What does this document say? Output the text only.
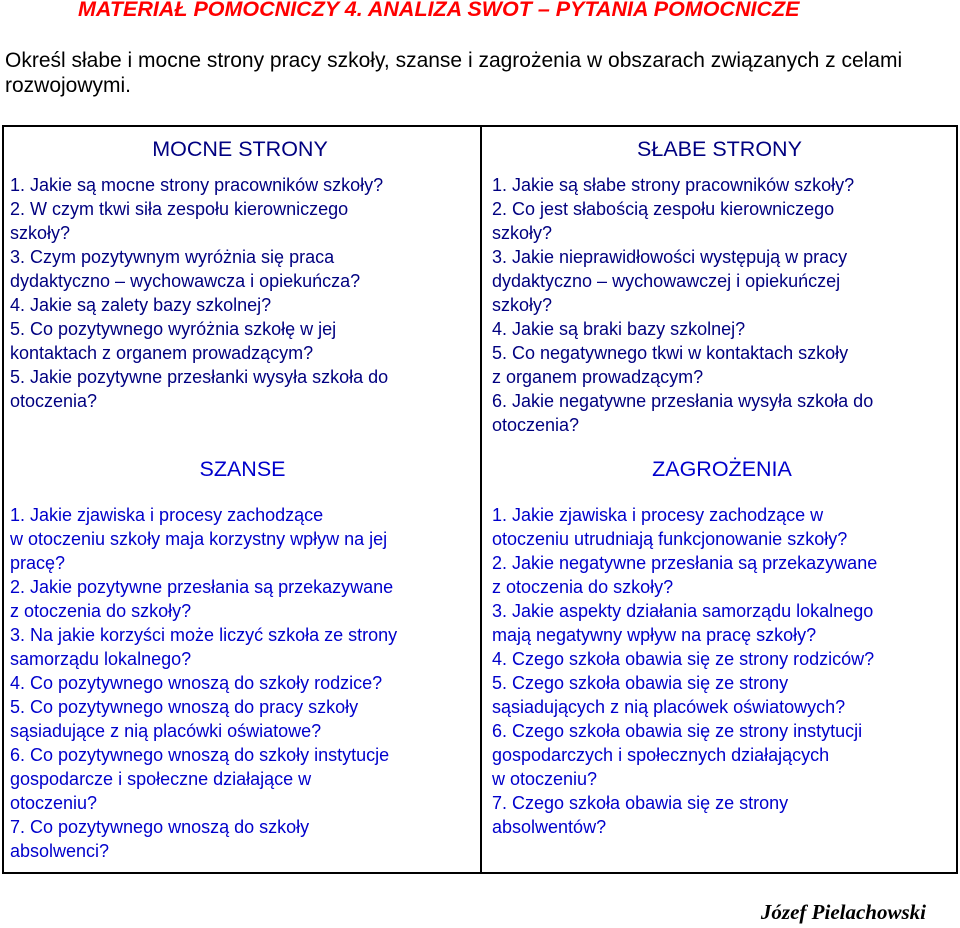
MATERIAŁ POMOCNICZY 4. ANALIZA SWOT – PYTANIA POMOCNICZE
Określ słabe i mocne strony pracy szkoły, szanse i zagrożenia w obszarach związanych z celami rozwojowymi.
MOCNE STRONY
1. Jakie są mocne strony pracowników szkoły?
2. W czym tkwi siła zespołu kierowniczego
szkoły?
3. Czym pozytywnym wyróżnia się praca
dydaktyczno – wychowawcza i opiekuńcza?
4. Jakie są zalety bazy szkolnej?
5. Co pozytywnego wyróżnia szkołę w jej
kontaktach z organem prowadzącym?
5. Jakie pozytywne przesłanki wysyła szkoła do
otoczenia?
SŁABE STRONY
1. Jakie są słabe strony pracowników szkoły?
2. Co jest słabością zespołu kierowniczego
szkoły?
3. Jakie nieprawidłowości występują w pracy
dydaktyczno – wychowawczej i opiekuńczej
szkoły?
4. Jakie są braki bazy szkolnej?
5. Co negatywnego tkwi w kontaktach szkoły
z organem prowadzącym?
6. Jakie negatywne przesłania wysyła szkoła do
otoczenia?
SZANSE
1. Jakie zjawiska i procesy zachodzące
w otoczeniu szkoły maja korzystny wpływ na jej
pracę?
2. Jakie pozytywne przesłania są przekazywane
z otoczenia do szkoły?
3. Na jakie korzyści może liczyć szkoła ze strony
samorządu lokalnego?
4. Co pozytywnego wnoszą do szkoły rodzice?
5. Co pozytywnego wnoszą do pracy szkoły
sąsiadujące z nią placówki oświatowe?
6. Co pozytywnego wnoszą do szkoły instytucje
gospodarcze i społeczne działające w
otoczeniu?
7. Co pozytywnego wnoszą do szkoły
absolwenci?
ZAGROŻENIA
1. Jakie zjawiska i procesy zachodzące w
otoczeniu utrudniają funkcjonowanie szkoły?
2. Jakie negatywne przesłania są przekazywane
z otoczenia do szkoły?
3. Jakie aspekty działania samorządu lokalnego
mają negatywny wpływ na pracę szkoły?
4. Czego szkoła obawia się ze strony rodziców?
5. Czego szkoła obawia się ze strony
sąsiadujących z nią placówek oświatowych?
6. Czego szkoła obawia się ze strony instytucji
gospodarczych i społecznych działających
w otoczeniu?
7. Czego szkoła obawia się ze strony
absolwentów?
Józef Pielachowski
